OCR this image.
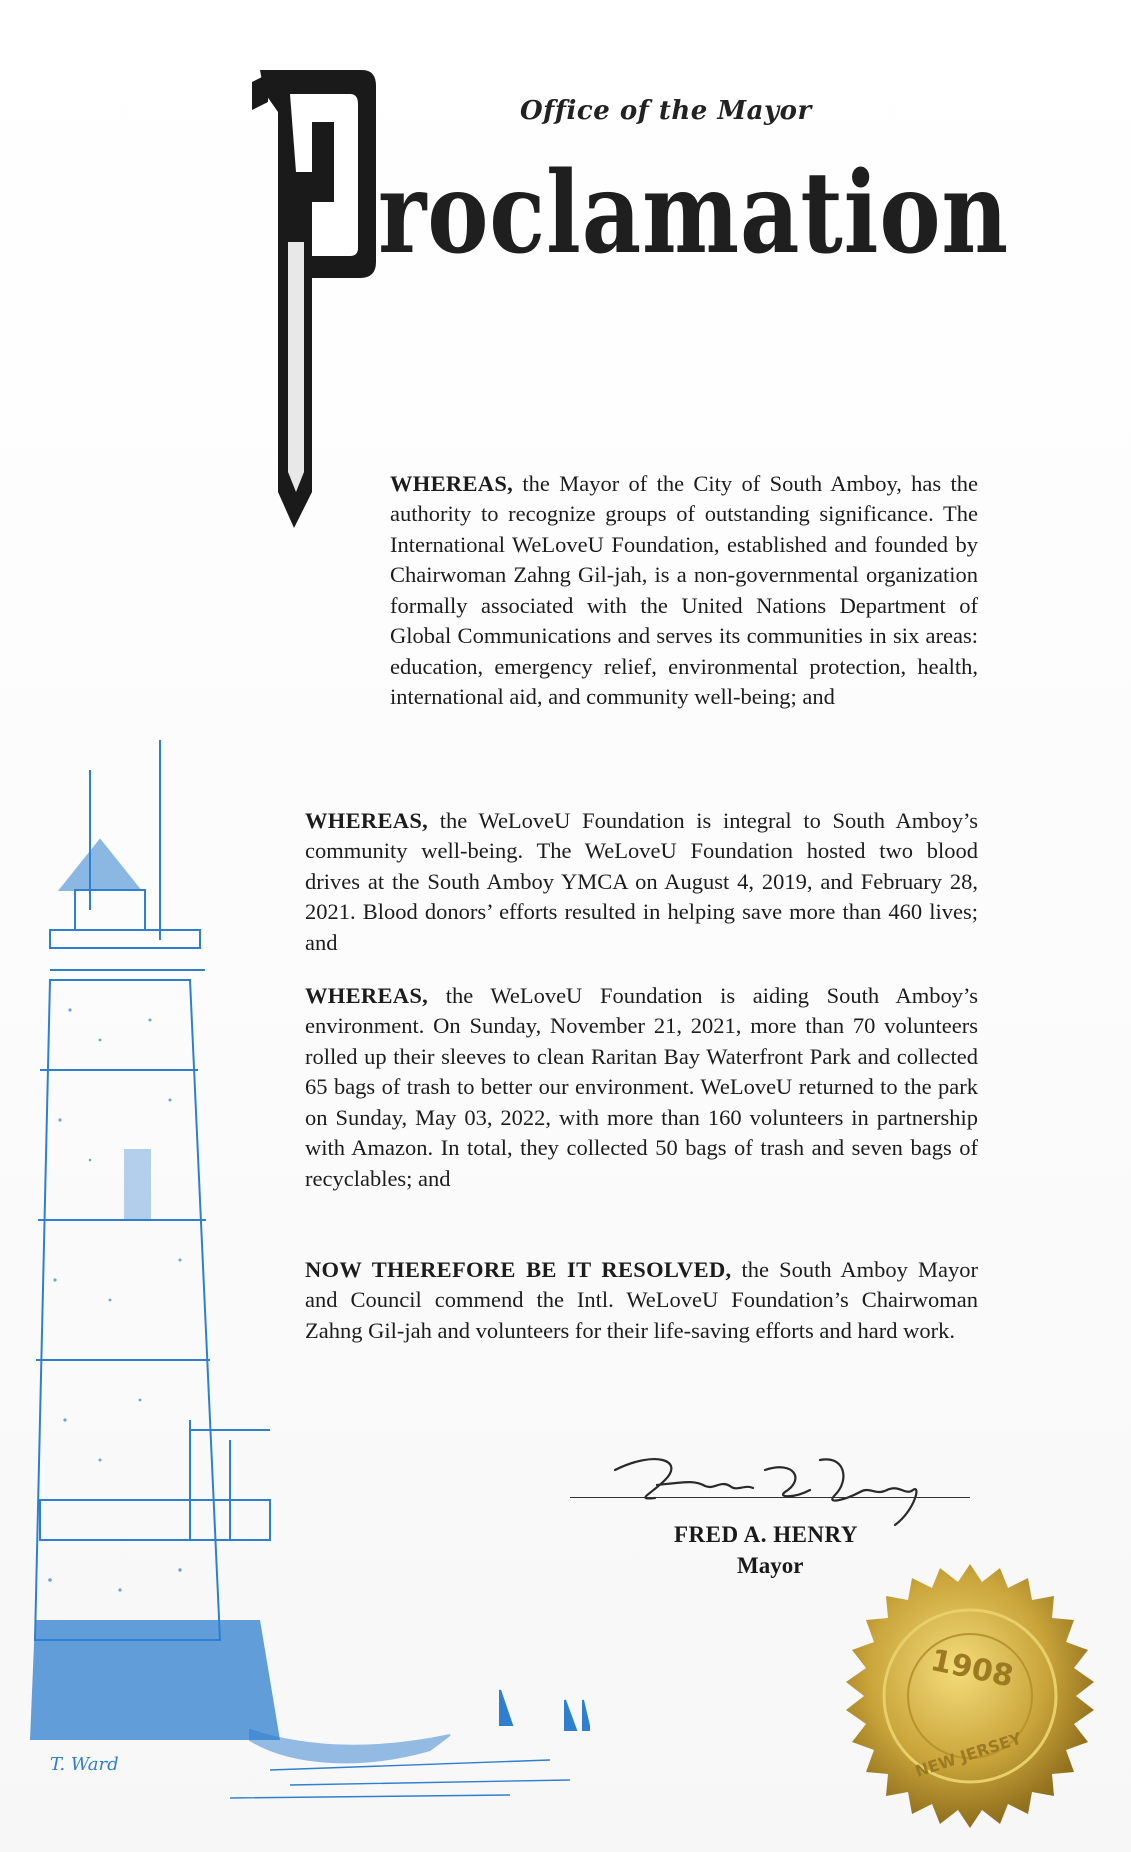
Office of the Mayor
roclamation

WHEREAS, the Mayor of the City of South Amboy, has the authority to recognize groups of outstanding significance. The International WeLoveU Foundation, established and founded by Chairwoman Zahng Gil-jah, is a non-governmental organization formally associated with the United Nations Department of Global Communications and serves its communities in six areas: education, emergency relief, environmental protection, health, international aid, and community well-being; and

WHEREAS, the WeLoveU Foundation is integral to South Amboy’s community well-being. The WeLoveU Foundation hosted two blood drives at the South Amboy YMCA on August 4, 2019, and February 28, 2021. Blood donors’ efforts resulted in helping save more than 460 lives; and

WHEREAS, the WeLoveU Foundation is aiding South Amboy’s environment. On Sunday, November 21, 2021, more than 70 volunteers rolled up their sleeves to clean Raritan Bay Waterfront Park and collected 65 bags of trash to better our environment. WeLoveU returned to the park on Sunday, May 03, 2022, with more than 160 volunteers in partnership with Amazon. In total, they collected 50 bags of trash and seven bags of recyclables; and

NOW THEREFORE BE IT RESOLVED, the South Amboy Mayor and Council commend the Intl. WeLoveU Foundation’s Chairwoman Zahng Gil-jah and volunteers for their life-saving efforts and hard work.

FRED A. HENRY
Mayor
T. Ward
1908
NEW JERSEY
